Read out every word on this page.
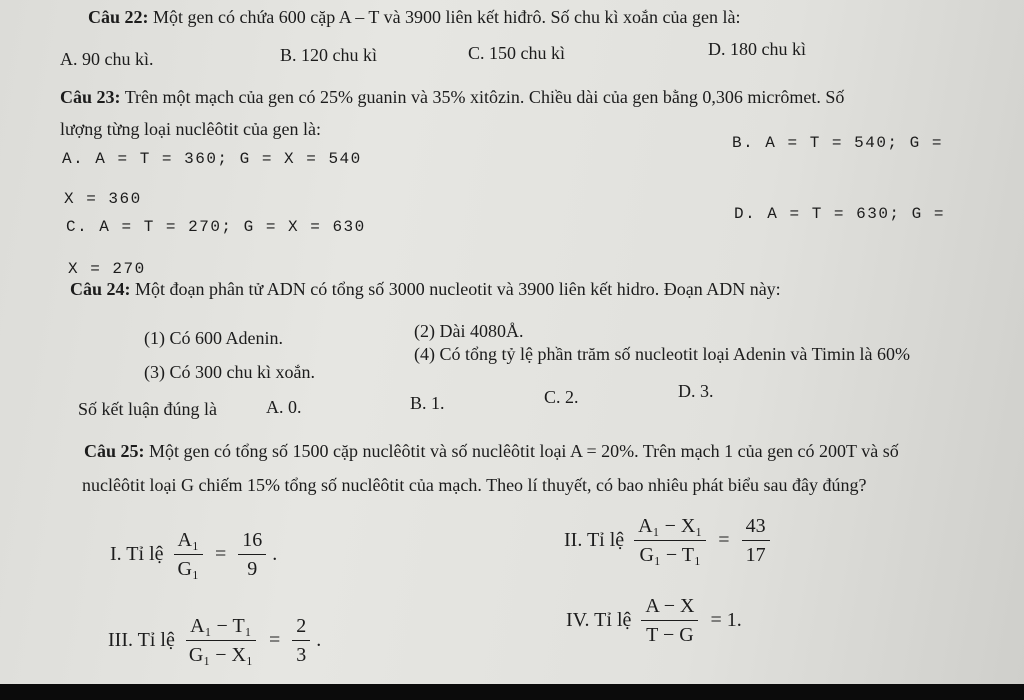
Câu 22: Một gen có chứa 600 cặp A – T và 3900 liên kết hiđrô. Số chu kì xoắn của gen là:
A. 90 chu kì.	B. 120 chu kì	C. 150 chu kì	D. 180 chu kì
Câu 23: Trên một mạch của gen có 25% guanin và 35% xitôzin. Chiều dài của gen bằng 0,306 micrômet. Số
lượng từng loại nuclêôtit của gen là:
A. A = T = 360; G = X = 540
B. A = T = 540; G =
X = 360
C. A = T = 270; G = X = 630
D. A = T = 630; G =
X = 270
Câu 24: Một đoạn phân tử ADN có tổng số 3000 nucleotit và 3900 liên kết hidro. Đoạn ADN này:
(1) Có 600 Adenin.	(2) Dài 4080Å.
(3) Có 300 chu kì xoắn.
(4) Có tổng tỷ lệ phần trăm số nucleotit loại Adenin và Timin là 60%
Số kết luận đúng là	A. 0.	B. 1.	C. 2.	D. 3.
Câu 25: Một gen có tổng số 1500 cặp nuclêôtit và số nuclêôtit loại A = 20%. Trên mạch 1 của gen có 200T và số
nuclêôtit loại G chiếm 15% tổng số nuclêôtit của mạch. Theo lí thuyết, có bao nhiêu phát biểu sau đây đúng?
I. Tỉ lệ $\frac{\text{A₁}}{\text{G₁}} = \frac{16}{9}$ .
II. Tỉ lệ $\frac{\text{A₁ − X₁}}{\text{G₁ − T₁}} = \frac{43}{17}$
III. Tỉ lệ $\frac{\text{A₁ − T₁}}{\text{G₁ − X₁}} = \frac{2}{3}$ .
IV. Tỉ lệ $\frac{A - X}{T - G} = 1$.
